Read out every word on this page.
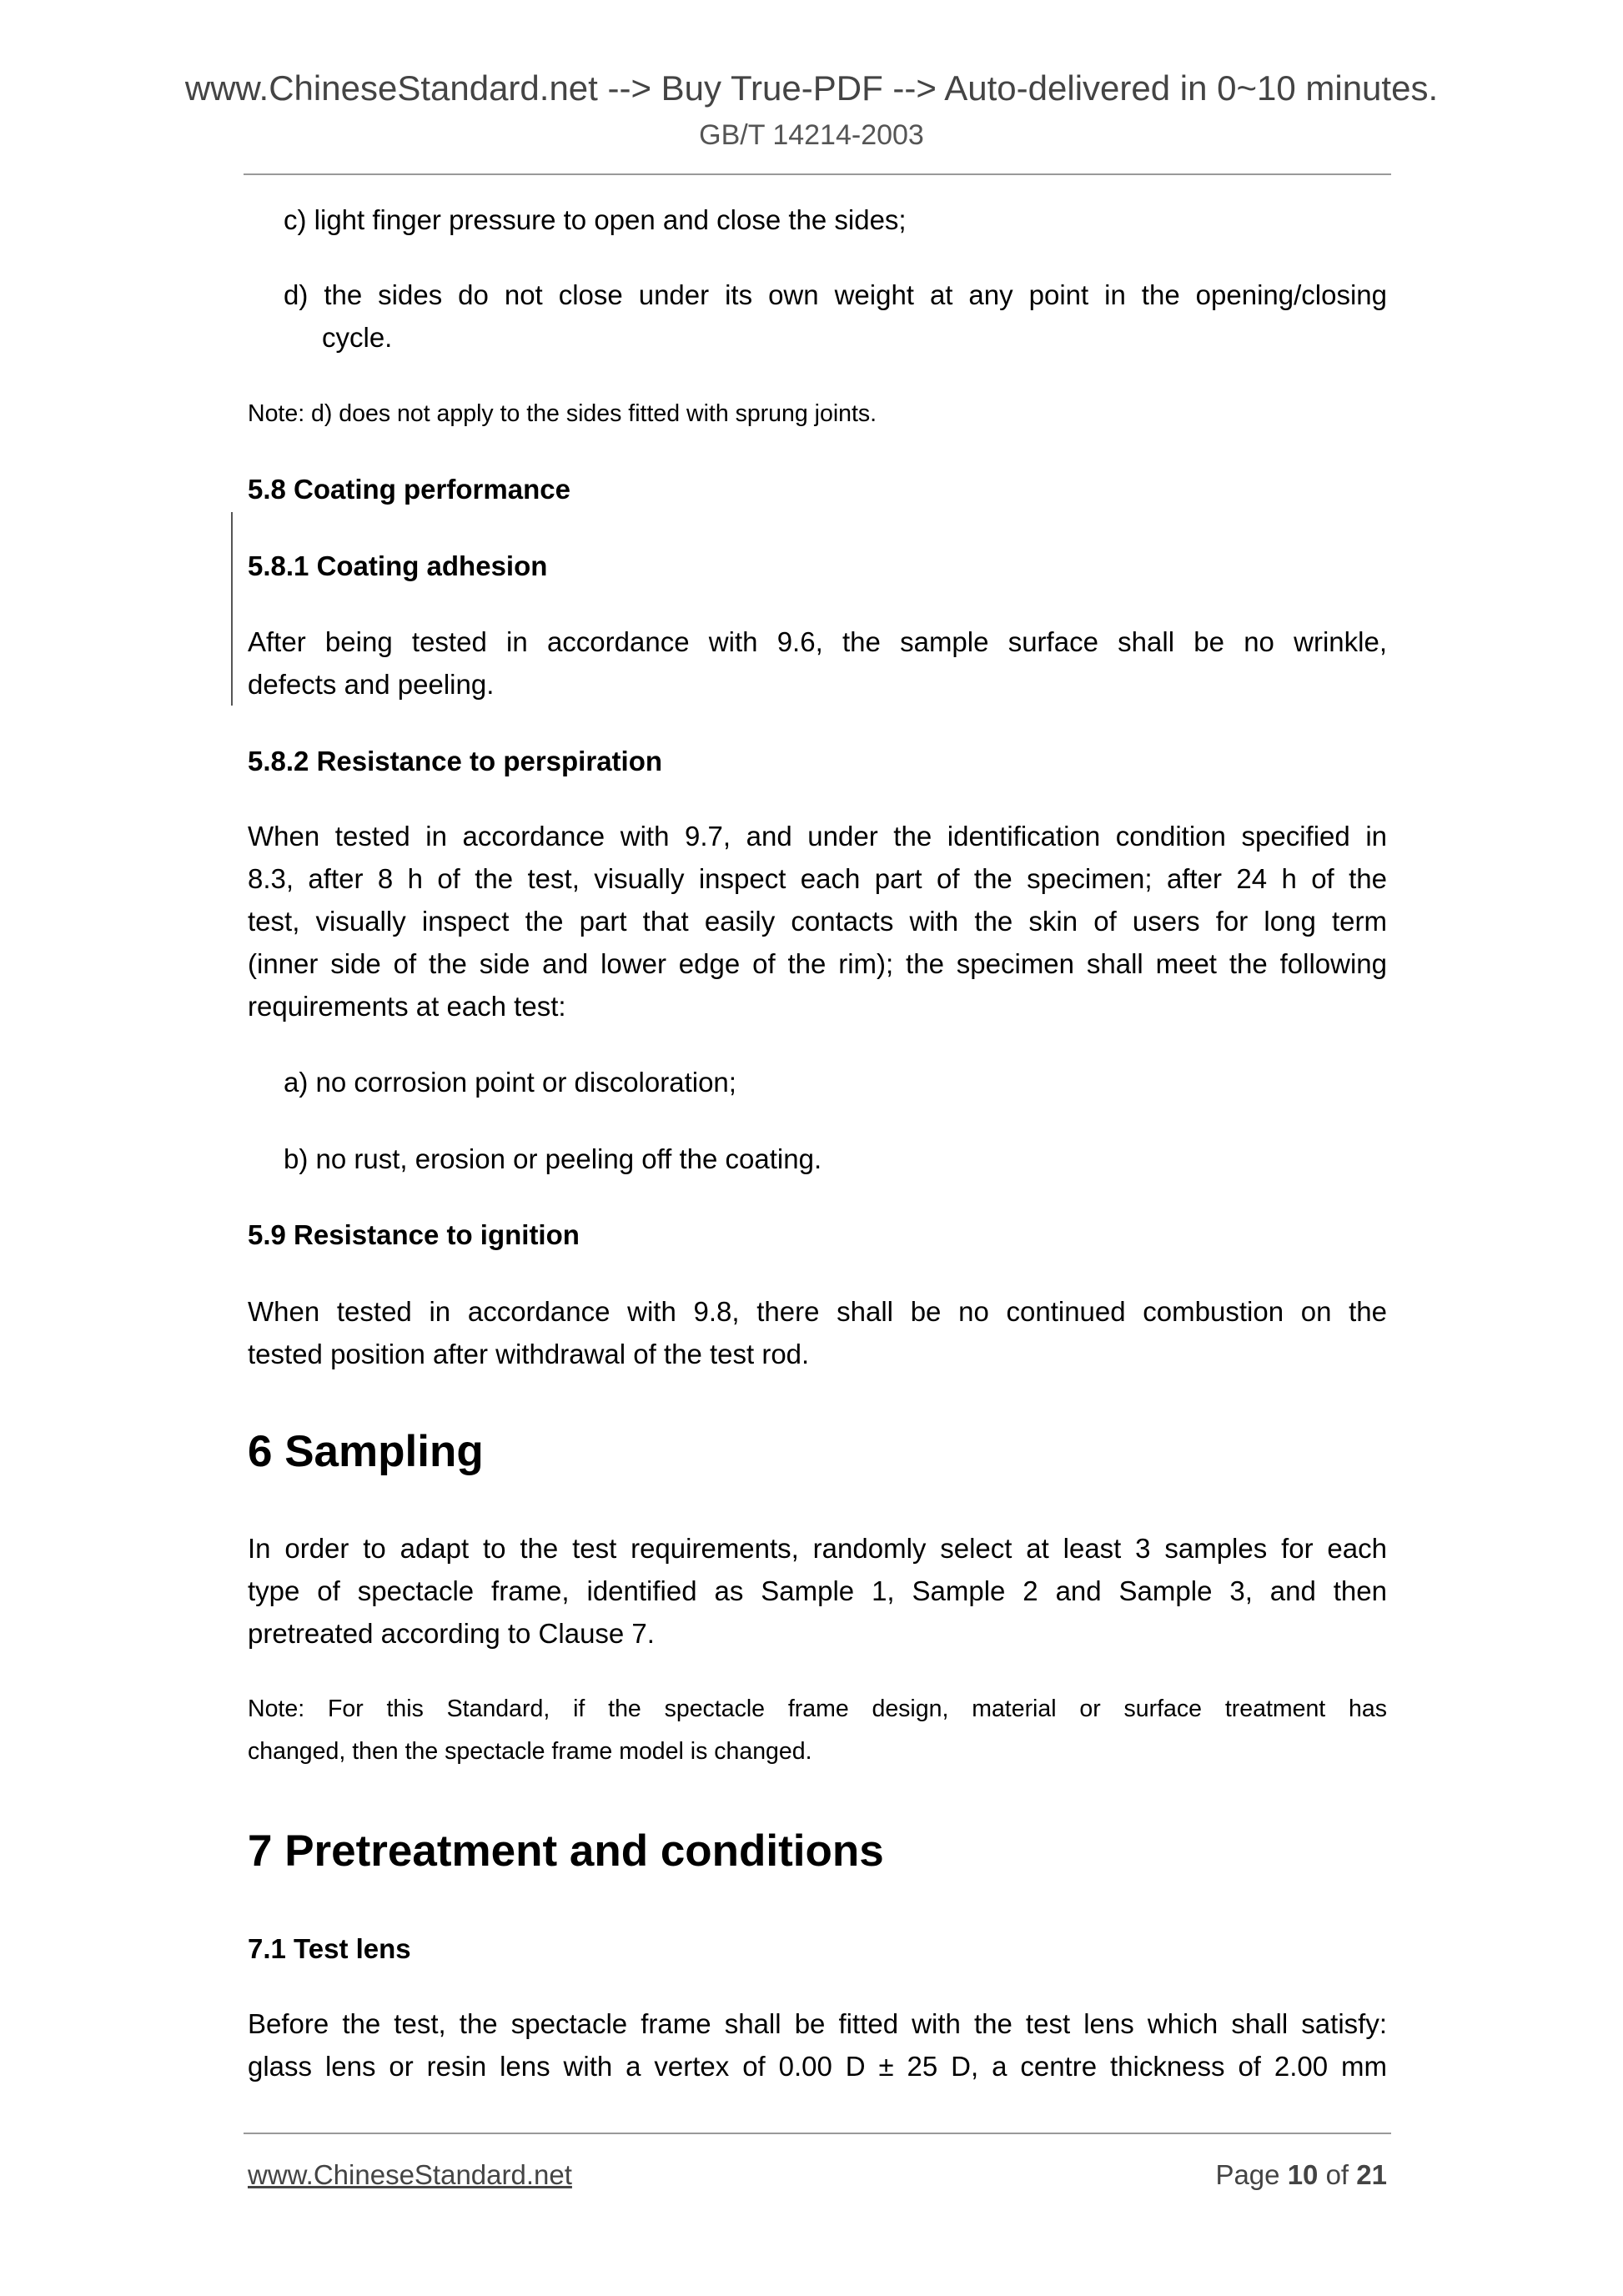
www.ChineseStandard.net --> Buy True-PDF --> Auto-delivered in 0~10 minutes.
GB/T 14214-2003
c) light finger pressure to open and close the sides;
d) the sides do not close under its own weight at any point in the opening/closing
cycle.
Note: d) does not apply to the sides fitted with sprung joints.
5.8 Coating performance
5.8.1 Coating adhesion
After being tested in accordance with 9.6, the sample surface shall be no wrinkle,
defects and peeling.
5.8.2 Resistance to perspiration
When tested in accordance with 9.7, and under the identification condition specified in
8.3, after 8 h of the test, visually inspect each part of the specimen; after 24 h of the
test, visually inspect the part that easily contacts with the skin of users for long term
(inner side of the side and lower edge of the rim); the specimen shall meet the following
requirements at each test:
a) no corrosion point or discoloration;
b) no rust, erosion or peeling off the coating.
5.9 Resistance to ignition
When tested in accordance with 9.8, there shall be no continued combustion on the
tested position after withdrawal of the test rod.
6 Sampling
In order to adapt to the test requirements, randomly select at least 3 samples for each
type of spectacle frame, identified as Sample 1, Sample 2 and Sample 3, and then
pretreated according to Clause 7.
Note: For this Standard, if the spectacle frame design, material or surface treatment has
changed, then the spectacle frame model is changed.
7 Pretreatment and conditions
7.1 Test lens
Before the test, the spectacle frame shall be fitted with the test lens which shall satisfy:
glass lens or resin lens with a vertex of 0.00 D ± 25 D, a centre thickness of 2.00 mm
www.ChineseStandard.net	Page 10 of 21
